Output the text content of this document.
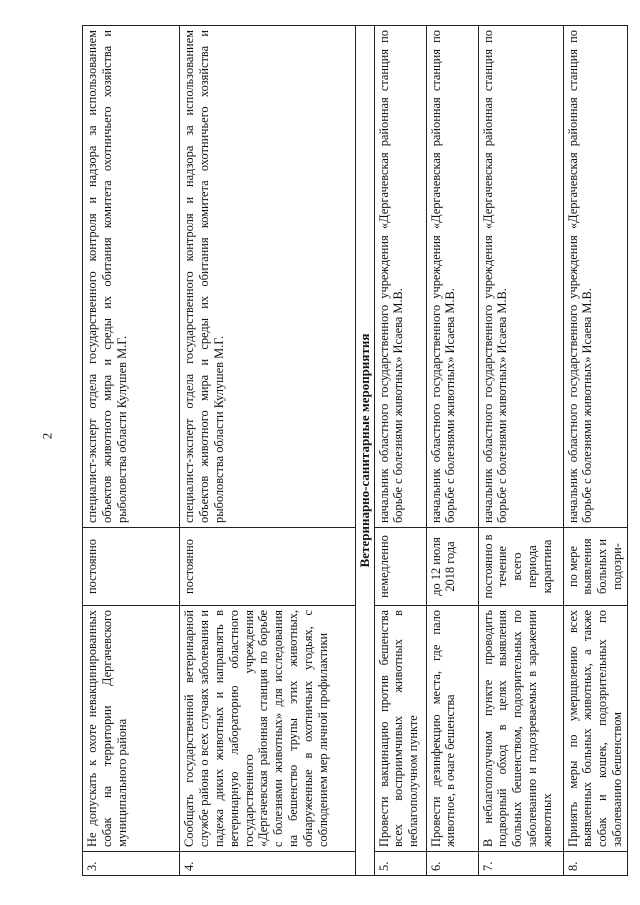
2
3.	Не допускать к охоте невакцинированных собак на территории Дергачевского муниципального района	постоянно	специалист-эксперт отдела государственного контроля и надзора за использованием объектов животного мира и среды их обитания комитета охотничьего хозяйства и рыболовства области Кулушев М.Г.
4.	Сообщать государственной ветеринарной службе района о всех случаях заболевания и падежа диких животных и направлять в ветеринарную лабораторию областного государственного учреждения «Дергачевская районная станция по борьбе с болезнями животных» для исследования на бешенство трупы этих животных, обнаруженные в охотничьих угодьях, с соблюдением мер личной профилактики	постоянно	специалист-эксперт отдела государственного контроля и надзора за использованием объектов животного мира и среды их обитания комитета охотничьего хозяйства и рыболовства области Кулушев М.Г.
Ветеринарно-санитарные мероприятия			
5.	Провести вакцинацию против бешенства всех восприимчивых животных в неблагополучном пункте	немедленно	начальник областного государственного учреждения «Дергачевская районная станция по борьбе с болезнями животных» Исаева М.В.
6.	Провести дезинфекцию места, где пало животное, в очаге бешенства	до 12 июля 2018 года	начальник областного государственного учреждения «Дергачевская районная станция по борьбе с болезнями животных» Исаева М.В.
7.	В неблагополучном пункте проводить подворный обход в целях выявления больных бешенством, подозрительных по заболеванию и подозреваемых в заражении животных	постоянно в течение всего периода карантина	начальник областного государственного учреждения «Дергачевская районная станция по борьбе с болезнями животных» Исаева М.В.
8.	Принять меры по умерщвлению всех выявленных больных животных, а также собак и кошек, подозрительных по заболеванию бешенством	по мере выявления больных и подозри-	начальник областного государственного учреждения «Дергачевская районная станция по борьбе с болезнями животных» Исаева М.В.
